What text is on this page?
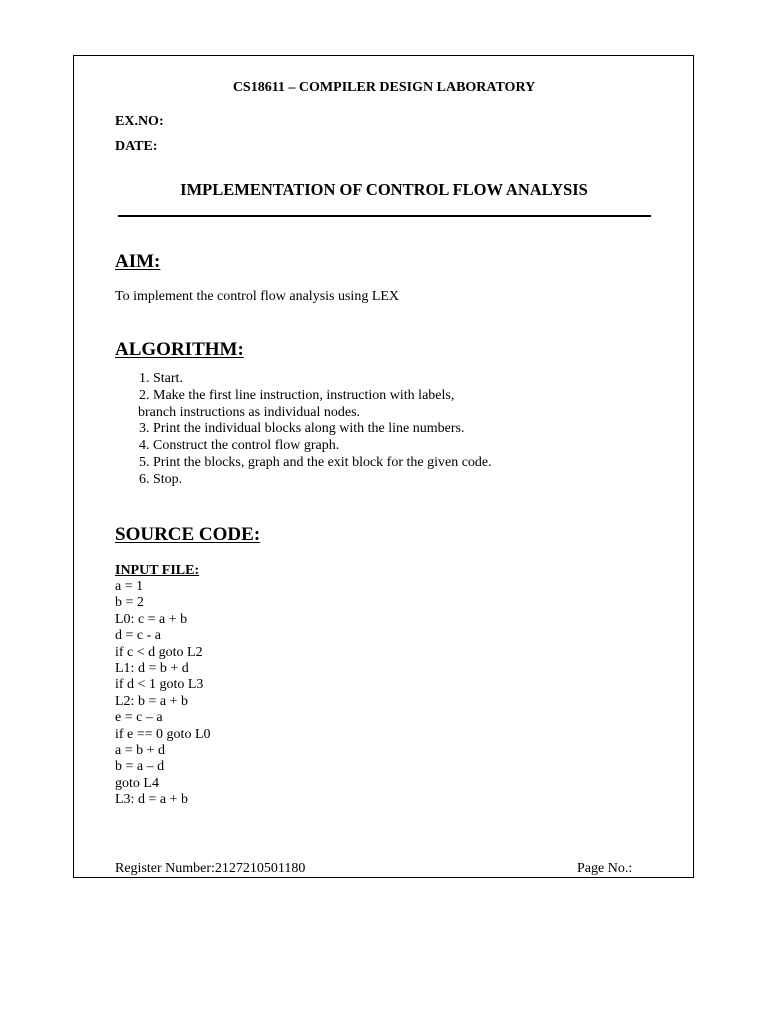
CS18611 – COMPILER DESIGN LABORATORY
EX.NO:
DATE:
IMPLEMENTATION OF CONTROL FLOW ANALYSIS
AIM:
To implement the control flow analysis using LEX
ALGORITHM:
1. Start.
2. Make the first line instruction, instruction with labels,
branch instructions as individual nodes.
3. Print the individual blocks along with the line numbers.
4. Construct the control flow graph.
5. Print the blocks, graph and the exit block for the given code.
6. Stop.
SOURCE CODE:
INPUT FILE:
a = 1
b = 2
L0: c = a + b
d = c - a
if c < d goto L2
L1: d = b + d
if d < 1 goto L3
L2: b = a + b
e = c – a
if e == 0 goto L0
a = b + d
b = a – d
goto L4
L3: d = a + b
Register Number:2127210501180	Page No.:
